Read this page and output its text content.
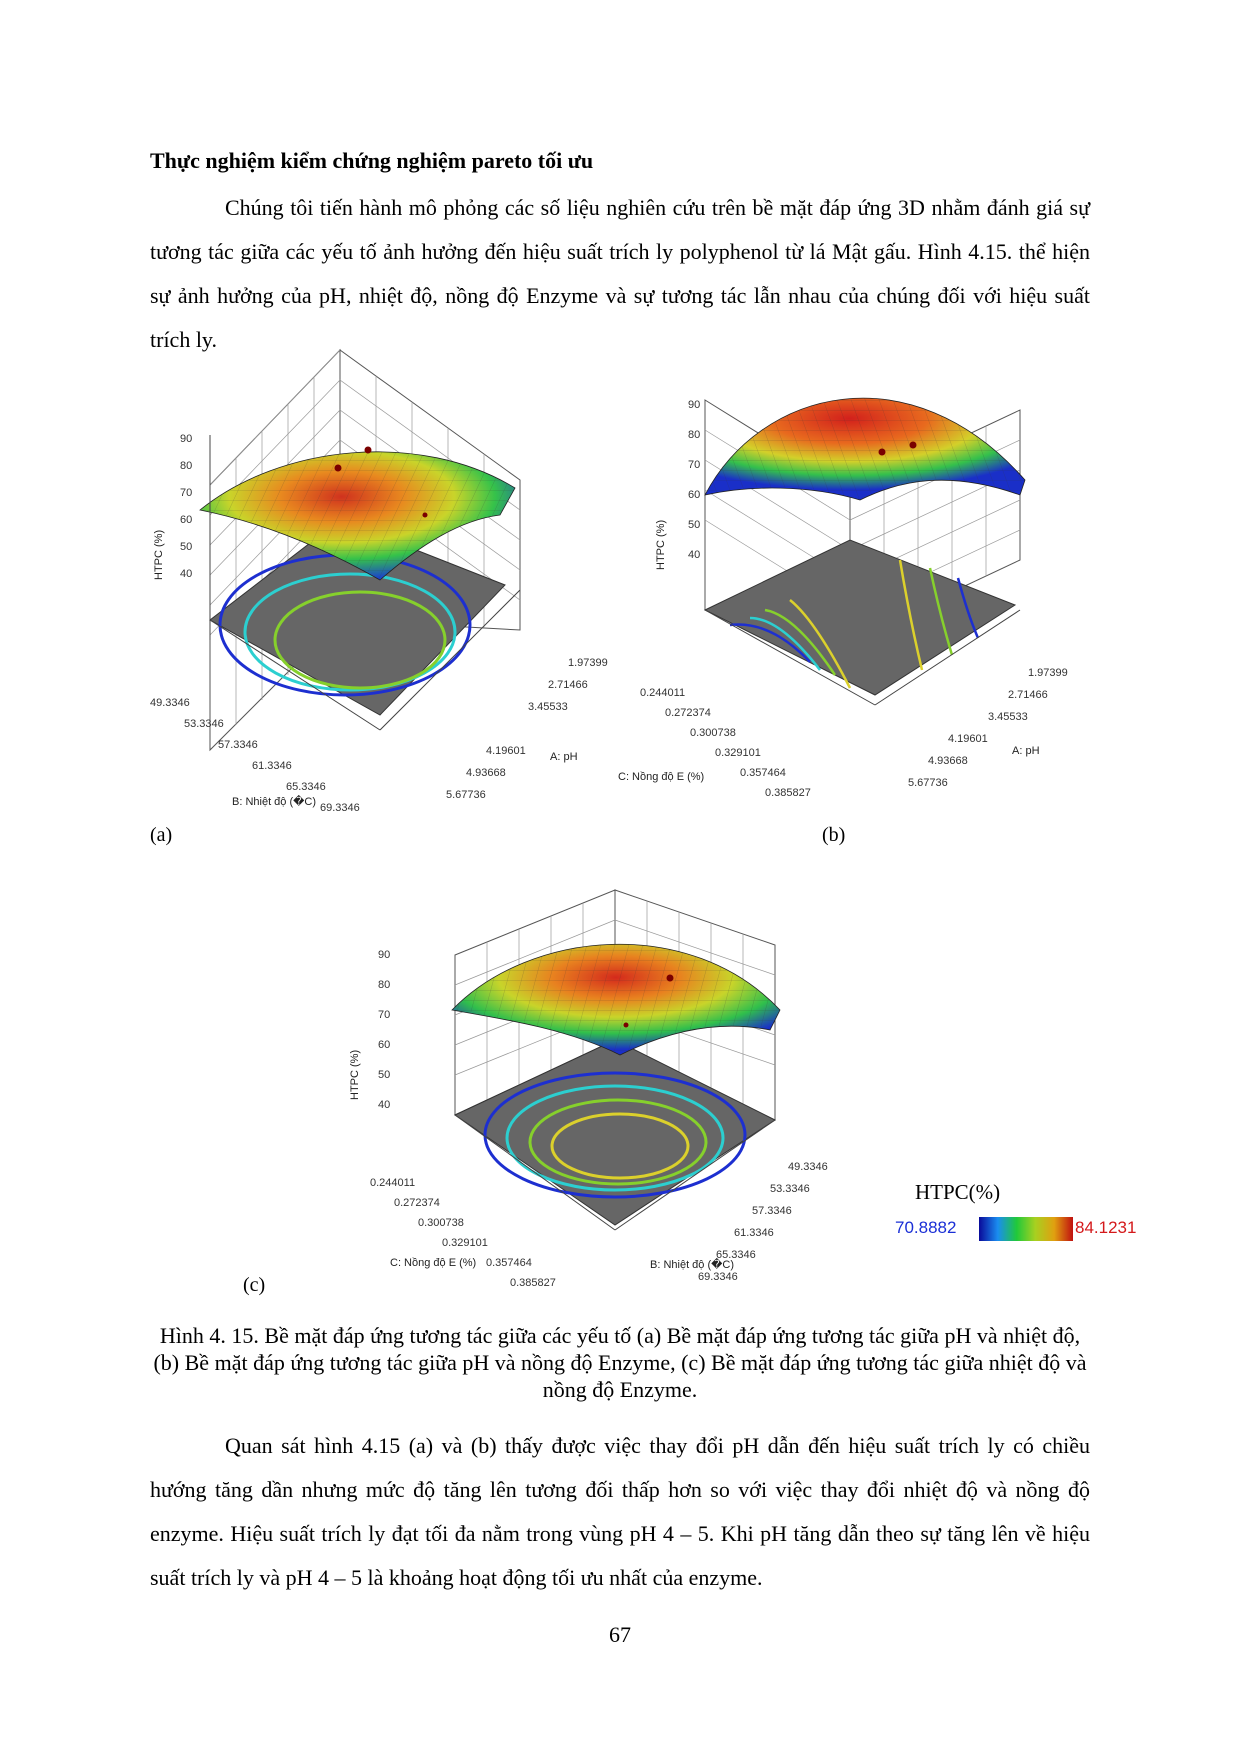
Thực nghiệm kiểm chứng nghiệm pareto tối ưu

Chúng tôi tiến hành mô phỏng các số liệu nghiên cứu trên bề mặt đáp ứng 3D nhằm đánh giá sự tương tác giữa các yếu tố ảnh hưởng đến hiệu suất trích ly polyphenol từ lá Mật gấu. Hình 4.15. thể hiện sự ảnh hưởng của pH, nhiệt độ, nồng độ Enzyme và sự tương tác lẫn nhau của chúng đối với hiệu suất trích ly.

90
80
70
60
50
40
HTPC (%)
49.3346
53.3346
57.3346
61.3346
65.3346
69.3346
B: Nhiệt độ (�C)
1.97399
2.71466
3.45533
4.19601
4.93668
5.67736
A: pH
90
80
70
60
50
40
HTPC (%)
0.244011
0.272374
0.300738
0.329101
0.357464
0.385827
C: Nồng độ E (%)
1.97399
2.71466
3.45533
4.19601
4.93668
5.67736
A: pH
90
80
70
60
50
40
HTPC (%)
0.244011
0.272374
0.300738
0.329101
0.357464
0.385827
C: Nồng độ E (%)
49.3346
53.3346
57.3346
61.3346
65.3346
69.3346
B: Nhiệt độ (�C)
(a)	(b)
(c)
HTPC(%)
70.8882	84.1231

Hình 4. 15. Bề mặt đáp ứng tương tác giữa các yếu tố (a) Bề mặt đáp ứng tương tác giữa pH và nhiệt độ, (b) Bề mặt đáp ứng tương tác giữa pH và nồng độ Enzyme, (c) Bề mặt đáp ứng tương tác giữa nhiệt độ và nồng độ Enzyme.

Quan sát hình 4.15 (a) và (b) thấy được việc thay đổi pH dẫn đến hiệu suất trích ly có chiều hướng tăng dần nhưng mức độ tăng lên tương đối thấp hơn so với việc thay đổi nhiệt độ và nồng độ enzyme. Hiệu suất trích ly đạt tối đa nằm trong vùng pH 4 – 5. Khi pH tăng dẫn theo sự tăng lên về hiệu suất trích ly và pH 4 – 5 là khoảng hoạt động tối ưu nhất của enzyme.

67
